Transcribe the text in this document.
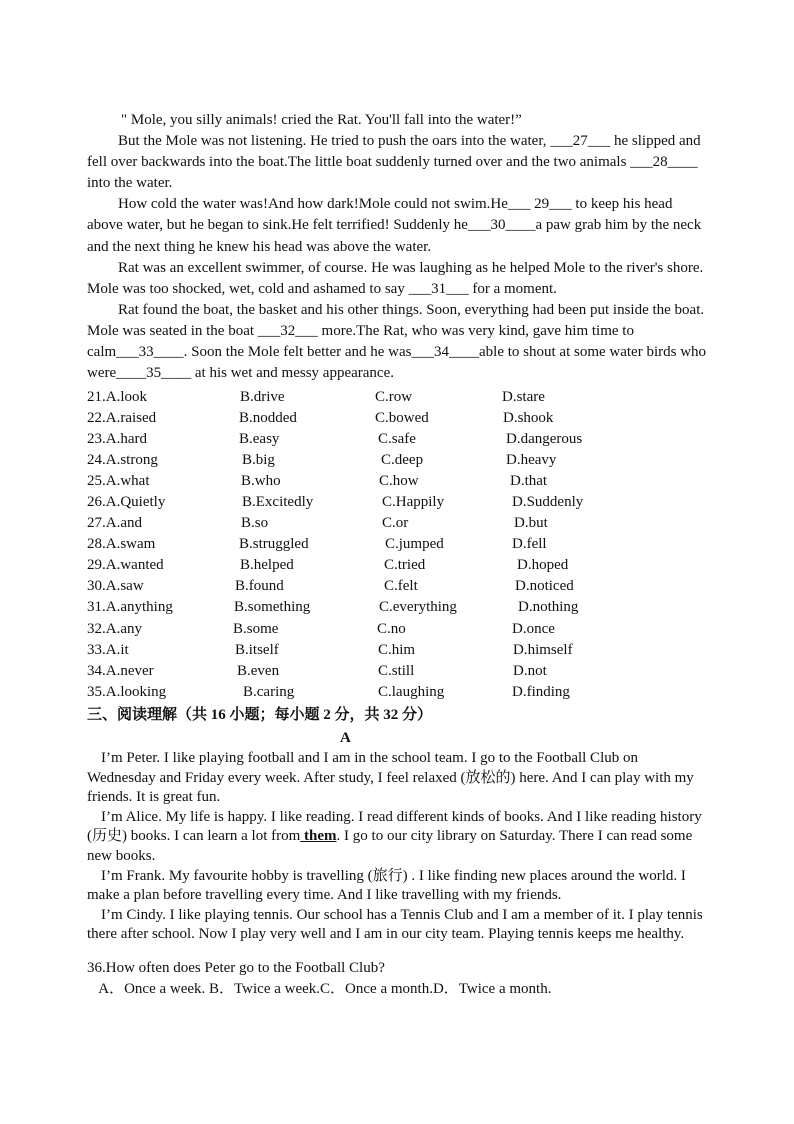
" Mole, you silly animals! cried the Rat. You'll fall into the water!”

But the Mole was not listening. He tried to push the oars into the water, ___27___ he slipped and fell over backwards into the boat.The little boat suddenly turned over and the two animals ___28____ into the water.

How cold the water was!And how dark!Mole could not swim.He___ 29___ to keep his head above water, but he began to sink.He felt terrified! Suddenly he___30____a paw grab him by the neck and the next thing he knew his head was above the water.

Rat was an excellent swimmer, of course. He was laughing as he helped Mole to the river's shore. Mole was too shocked, wet, cold and ashamed to say ___31___ for a moment.

Rat found the boat, the basket and his other things. Soon, everything had been put inside the boat. Mole was seated in the boat ___32___ more.The Rat, who was very kind, gave him time to calm___33____. Soon the Mole felt better and he was___34____able to shout at some water birds who were____35____ at his wet and messy appearance.

21.A.look	B.drive	C.row	D.stare
22.A.raised	B.nodded	C.bowed	D.shook
23.A.hard	B.easy	C.safe	D.dangerous
24.A.strong	B.big	C.deep	D.heavy
25.A.what	B.who	C.how	D.that
26.A.Quietly	B.Excitedly	C.Happily	D.Suddenly
27.A.and	B.so	C.or	D.but
28.A.swam	B.struggled	C.jumped	D.fell
29.A.wanted	B.helped	C.tried	D.hoped
30.A.saw	B.found	C.felt	D.noticed
31.A.anything	B.something	C.everything	D.nothing
32.A.any	B.some	C.no	D.once
33.A.it	B.itself	C.him	D.himself
34.A.never	B.even	C.still	D.not
35.A.looking	B.caring	C.laughing	D.finding
三、阅读理解（共 16 小题；每小题 2 分，共 32 分）
A

I’m Peter. I like playing football and I am in the school team. I go to the Football Club on Wednesday and Friday every week. After study, I feel relaxed (放松的) here. And I can play with my friends. It is great fun.

I’m Alice. My life is happy. I like reading. I read different kinds of books. And I like reading history (历史) books. I can learn a lot from them. I go to our city library on Saturday. There I can read some new books.

I’m Frank. My favourite hobby is travelling (旅行) . I like finding new places around the world. I make a plan before travelling every time. And I like travelling with my friends.

I’m Cindy. I like playing tennis. Our school has a Tennis Club and I am a member of it. I play tennis there after school. Now I play very well and I am in our city team. Playing tennis keeps me healthy.

36.How often does Peter go to the Football Club?
A．Once a week. B．Twice a week.C．Once a month.D．Twice a month.
